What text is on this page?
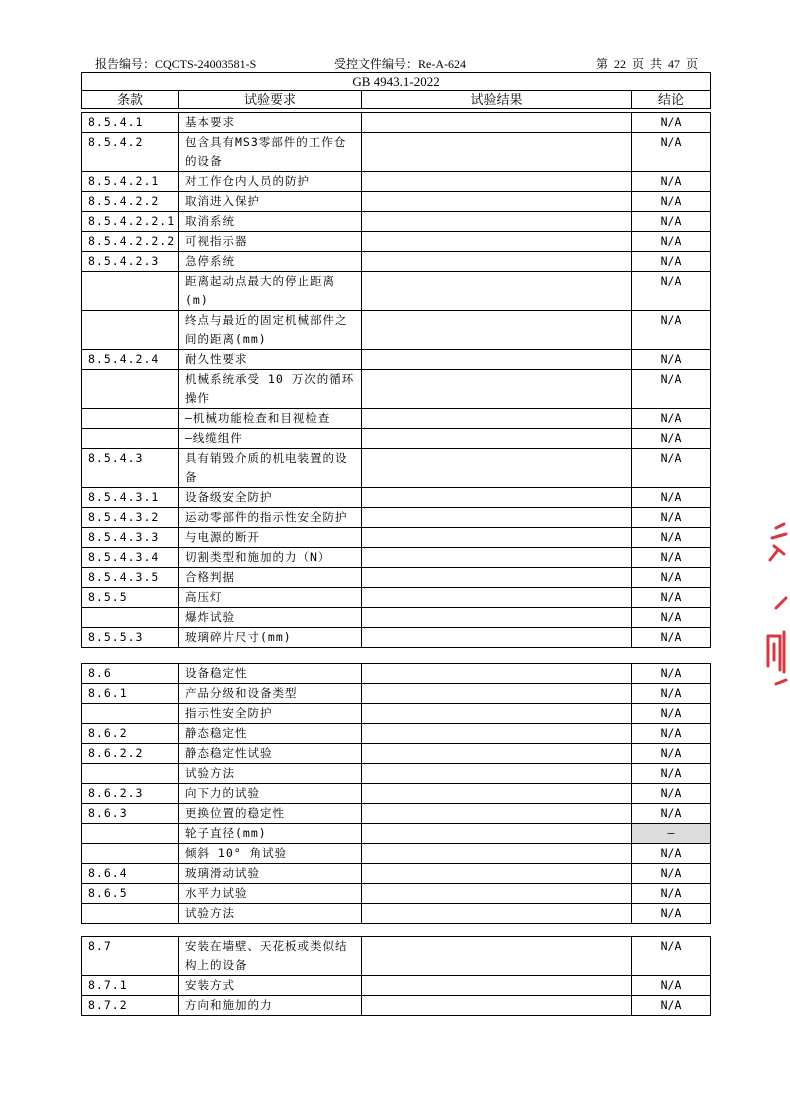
报告编号：CQCTS-24003581-S	受控文件编号：Re-A-624	第 22 页 共 47 页
GB 4943.1-2022
条款	试验要求	试验结果	结论
8.5.4.1	基本要求		N/A
8.5.4.2	包含具有MS3零部件的工作仓的设备		N/A
8.5.4.2.1	对工作仓内人员的防护		N/A
8.5.4.2.2	取消进入保护		N/A
8.5.4.2.2.1	取消系统		N/A
8.5.4.2.2.2	可视指示器		N/A
8.5.4.2.3	急停系统		N/A
	距离起动点最大的停止距离(m)		N/A
	终点与最近的固定机械部件之间的距离(mm)		N/A
8.5.4.2.4	耐久性要求		N/A
	机械系统承受 10 万次的循环操作		N/A
	—机械功能检查和目视检查		N/A
	—线缆组件		N/A
8.5.4.3	具有销毁介质的机电装置的设备		N/A
8.5.4.3.1	设备级安全防护		N/A
8.5.4.3.2	运动零部件的指示性安全防护		N/A
8.5.4.3.3	与电源的断开		N/A
8.5.4.3.4	切割类型和施加的力（N）		N/A
8.5.4.3.5	合格判据		N/A
8.5.5	高压灯		N/A
	爆炸试验		N/A
8.5.5.3	玻璃碎片尺寸(mm)		N/A
8.6	设备稳定性		N/A
8.6.1	产品分级和设备类型		N/A
	指示性安全防护		N/A
8.6.2	静态稳定性		N/A
8.6.2.2	静态稳定性试验		N/A
	试验方法		N/A
8.6.2.3	向下力的试验		N/A
8.6.3	更换位置的稳定性		N/A
	轮子直径(mm)		—
	倾斜 10° 角试验		N/A
8.6.4	玻璃滑动试验		N/A
8.6.5	水平力试验		N/A
	试验方法		N/A
8.7	安装在墙壁、天花板或类似结构上的设备		N/A
8.7.1	安装方式		N/A
8.7.2	方向和施加的力		N/A
